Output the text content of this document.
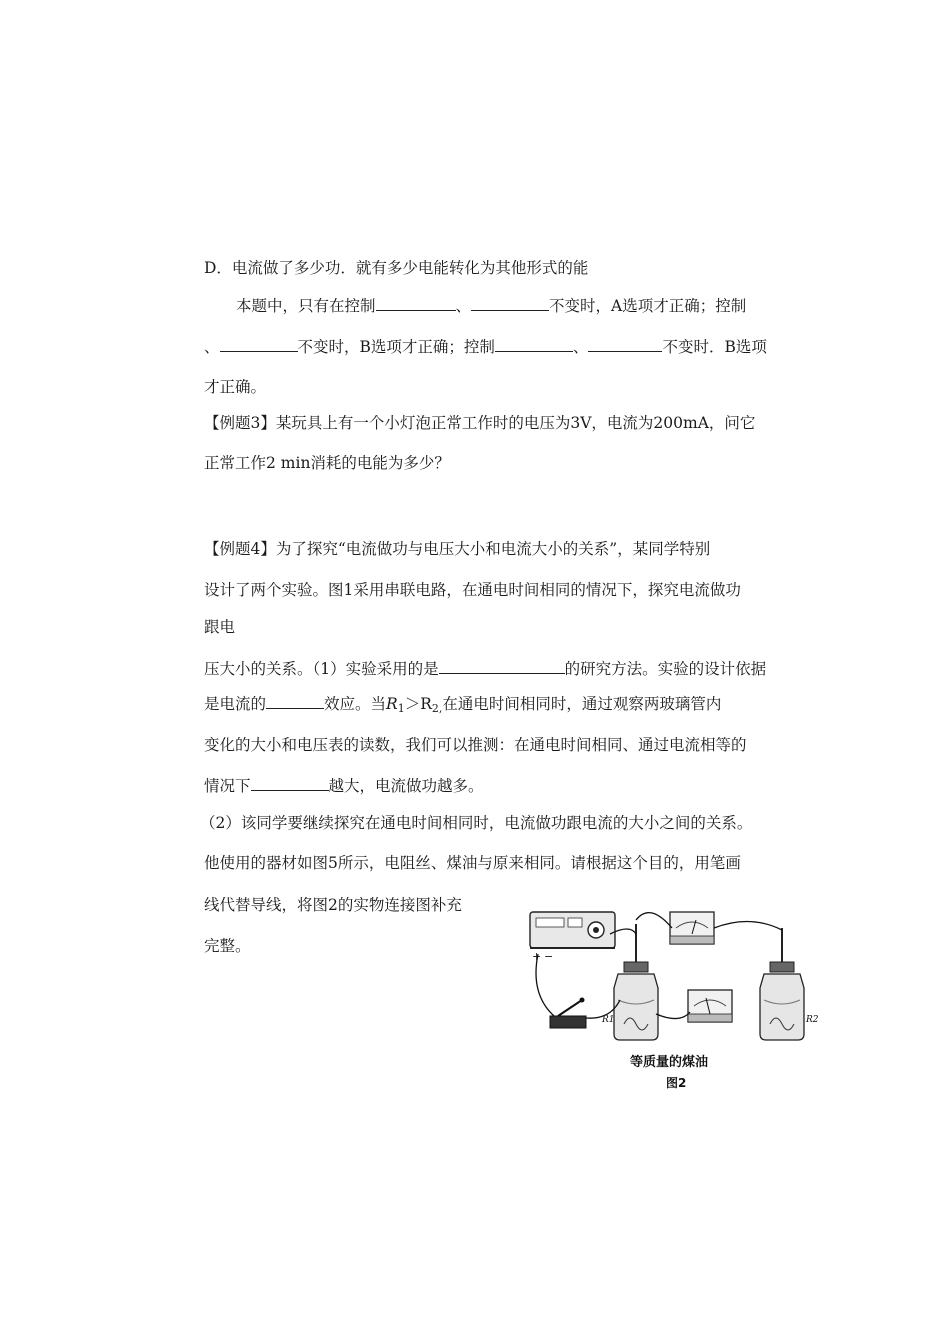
D．电流做了多少功．就有多少电能转化为其他形式的能
本题中，只有在控制	、	不变时，A选项才正确；控制
、	不变时，B选项才正确；控制	、	不变时．B选项
才正确。
【例题3】某玩具上有一个小灯泡正常工作时的电压为3V，电流为200mA，问它
正常工作2 min消耗的电能为多少？
【例题4】为了探究“电流做功与电压大小和电流大小的关系”，某同学特别
设计了两个实验。图1采用串联电路，在通电时间相同的情况下，探究电流做功
跟电
压大小的关系。（1）实验采用的是	的研究方法。实验的设计依据
是电流的	效应。当$R_1>R_{2,}$在通电时间相同时，通过观察两玻璃管内
变化的大小和电压表的读数，我们可以推测：在通电时间相同、通过电流相等的
情况下	越大，电流做功越多。
（2）该同学要继续探究在通电时间相同时，电流做功跟电流的大小之间的关系。
他使用的器材如图5所示，电阻丝、煤油与原来相同。请根据这个目的，用笔画
线代替导线，将图2的实物连接图补充
完整。
+ −
R1	R2
等质量的煤油
图2
